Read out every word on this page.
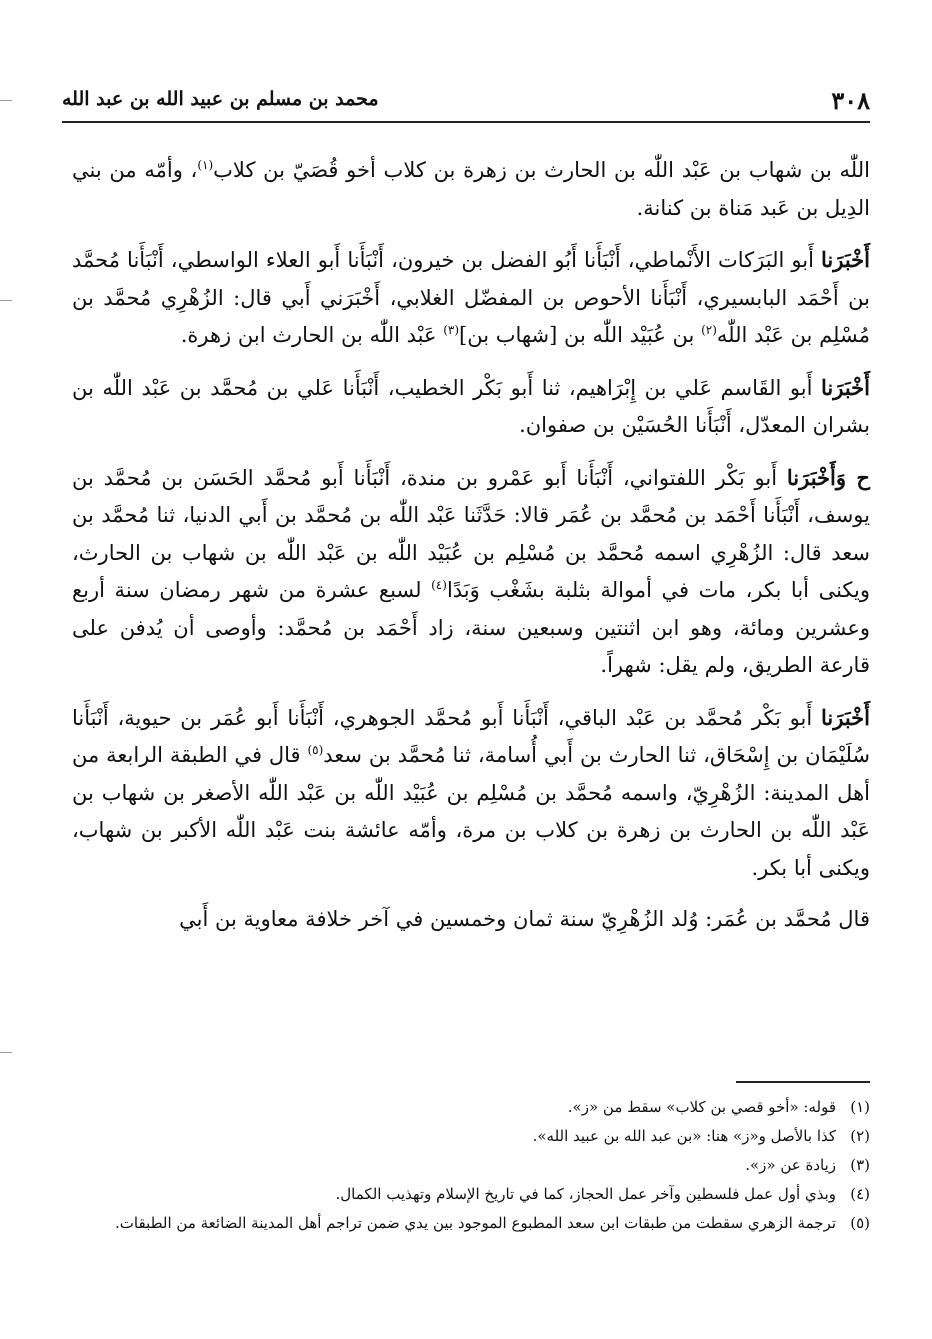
٣٠٨
محمد بن مسلم بن عبيد الله بن عبد الله

اللّٰه بن شهاب بن عَبْد اللّٰه بن الحارث بن زهرة بن كلاب أخو قُصَيّ بن كلاب$^{(١)}$، وأمّه من بني الدِيل بن عَبد مَناة بن كنانة.

أَخْبَرَنا أَبو البَرَكات الأَنْماطي، أَنْبَأَنا أَبُو الفضل بن خيرون، أَنْبَأَنا أَبو العلاء الواسطي، أَنْبَأَنا مُحمَّد بن أَحْمَد البابسيري، أَنْبَأَنا الأحوص بن المفضّل الغلابي، أَخْبَرَني أَبي قال: الزُهْرِي مُحمَّد بن مُسْلِم بن عَبْد اللّٰه$^{(٢)}$ بن عُبَيْد اللّٰه بن [شهاب بن]$^{(٣)}$ عَبْد اللّٰه بن الحارث ابن زهرة.

أَخْبَرَنا أَبو القَاسم عَلي بن إِبْرَاهيم، ثنا أَبو بَكْر الخطيب، أَنْبَأَنا عَلي بن مُحمَّد بن عَبْد اللّٰه بن بشران المعدّل، أَنْبَأَنا الحُسَيْن بن صفوان.

ح وَأَخْبَرَنا أَبو بَكْر اللفتواني، أَنْبَأَنا أَبو عَمْرو بن مندة، أَنْبَأَنا أَبو مُحمَّد الحَسَن بن مُحمَّد بن يوسف، أَنْبَأَنا أَحْمَد بن مُحمَّد بن عُمَر قالا: حَدَّثَنا عَبْد اللّٰه بن مُحمَّد بن أَبي الدنيا، ثنا مُحمَّد بن سعد قال: الزُهْرِي اسمه مُحمَّد بن مُسْلِم بن عُبَيْد اللّٰه بن عَبْد اللّٰه بن شهاب بن الحارث، ويكنى أبا بكر، مات في أموالة بثلبة بشَغْب وَبَدًا$^{(٤)}$ لسبع عشرة من شهر رمضان سنة أربع وعشرين ومائة، وهو ابن اثنتين وسبعين سنة، زاد أَحْمَد بن مُحمَّد: وأوصى أن يُدفن على قارعة الطريق، ولم يقل: شهراً.

أَخْبَرَنا أَبو بَكْر مُحمَّد بن عَبْد الباقي، أَنْبَأَنا أَبو مُحمَّد الجوهري، أَنْبَأَنا أَبو عُمَر بن حيوية، أَنْبَأَنا سُلَيْمَان بن إِسْحَاق، ثنا الحارث بن أَبي أُسامة، ثنا مُحمَّد بن سعد$^{(٥)}$ قال في الطبقة الرابعة من أهل المدينة: الزُهْرِيّ، واسمه مُحمَّد بن مُسْلِم بن عُبَيْد اللّٰه بن عَبْد اللّٰه الأصغر بن شهاب بن عَبْد اللّٰه بن الحارث بن زهرة بن كلاب بن مرة، وأمّه عائشة بنت عَبْد اللّٰه الأكبر بن شهاب، ويكنى أبا بكر.

قال مُحمَّد بن عُمَر: وُلد الزُهْرِيّ سنة ثمان وخمسين في آخر خلافة معاوية بن أَبي

(١)
قوله: «أخو قصي بن كلاب» سقط من «ز».
(٢)
كذا بالأصل و«ز» هنا: «بن عبد الله بن عبيد الله».
(٣)
زيادة عن «ز».
(٤)
وبذي أول عمل فلسطين وآخر عمل الحجاز، كما في تاريخ الإسلام وتهذيب الكمال.
(٥)
ترجمة الزهري سقطت من طبقات ابن سعد المطبوع الموجود بين يدي ضمن تراجم أهل المدينة الضائعة من الطبقات.
